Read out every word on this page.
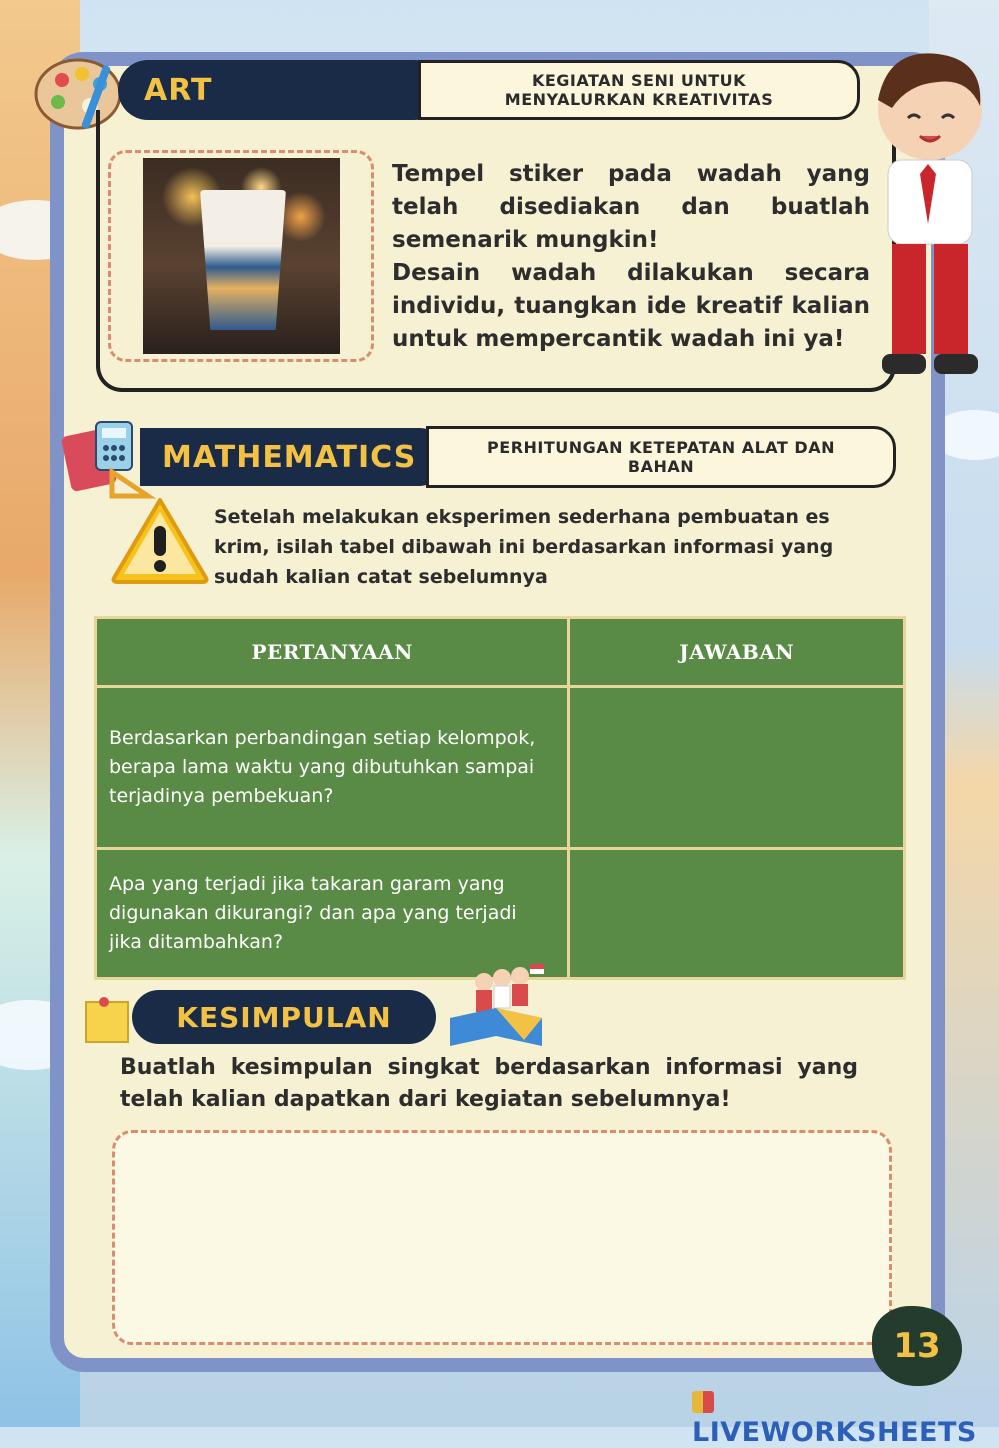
ART	KEGIATAN SENI UNTUK MENYALURKAN KREATIVITAS
Tempel stiker pada wadah yang telah disediakan dan buatlah semenarik mungkin!
Desain wadah dilakukan secara individu, tuangkan ide kreatif kalian untuk mempercantik wadah ini ya!
MATHEMATICS	PERHITUNGAN KETEPATAN ALAT DAN BAHAN
Setelah melakukan eksperimen sederhana pembuatan es krim, isilah tabel dibawah ini berdasarkan informasi yang sudah kalian catat sebelumnya
PERTANYAAN	JAWABAN
Berdasarkan perbandingan setiap kelompok, berapa lama waktu yang dibutuhkan sampai terjadinya pembekuan?	
Apa yang terjadi jika takaran garam yang digunakan dikurangi? dan apa yang terjadi jika ditambahkan?	
KESIMPULAN
Buatlah kesimpulan singkat berdasarkan informasi yang telah kalian dapatkan dari kegiatan sebelumnya!
13
LIVEWORKSHEETS
